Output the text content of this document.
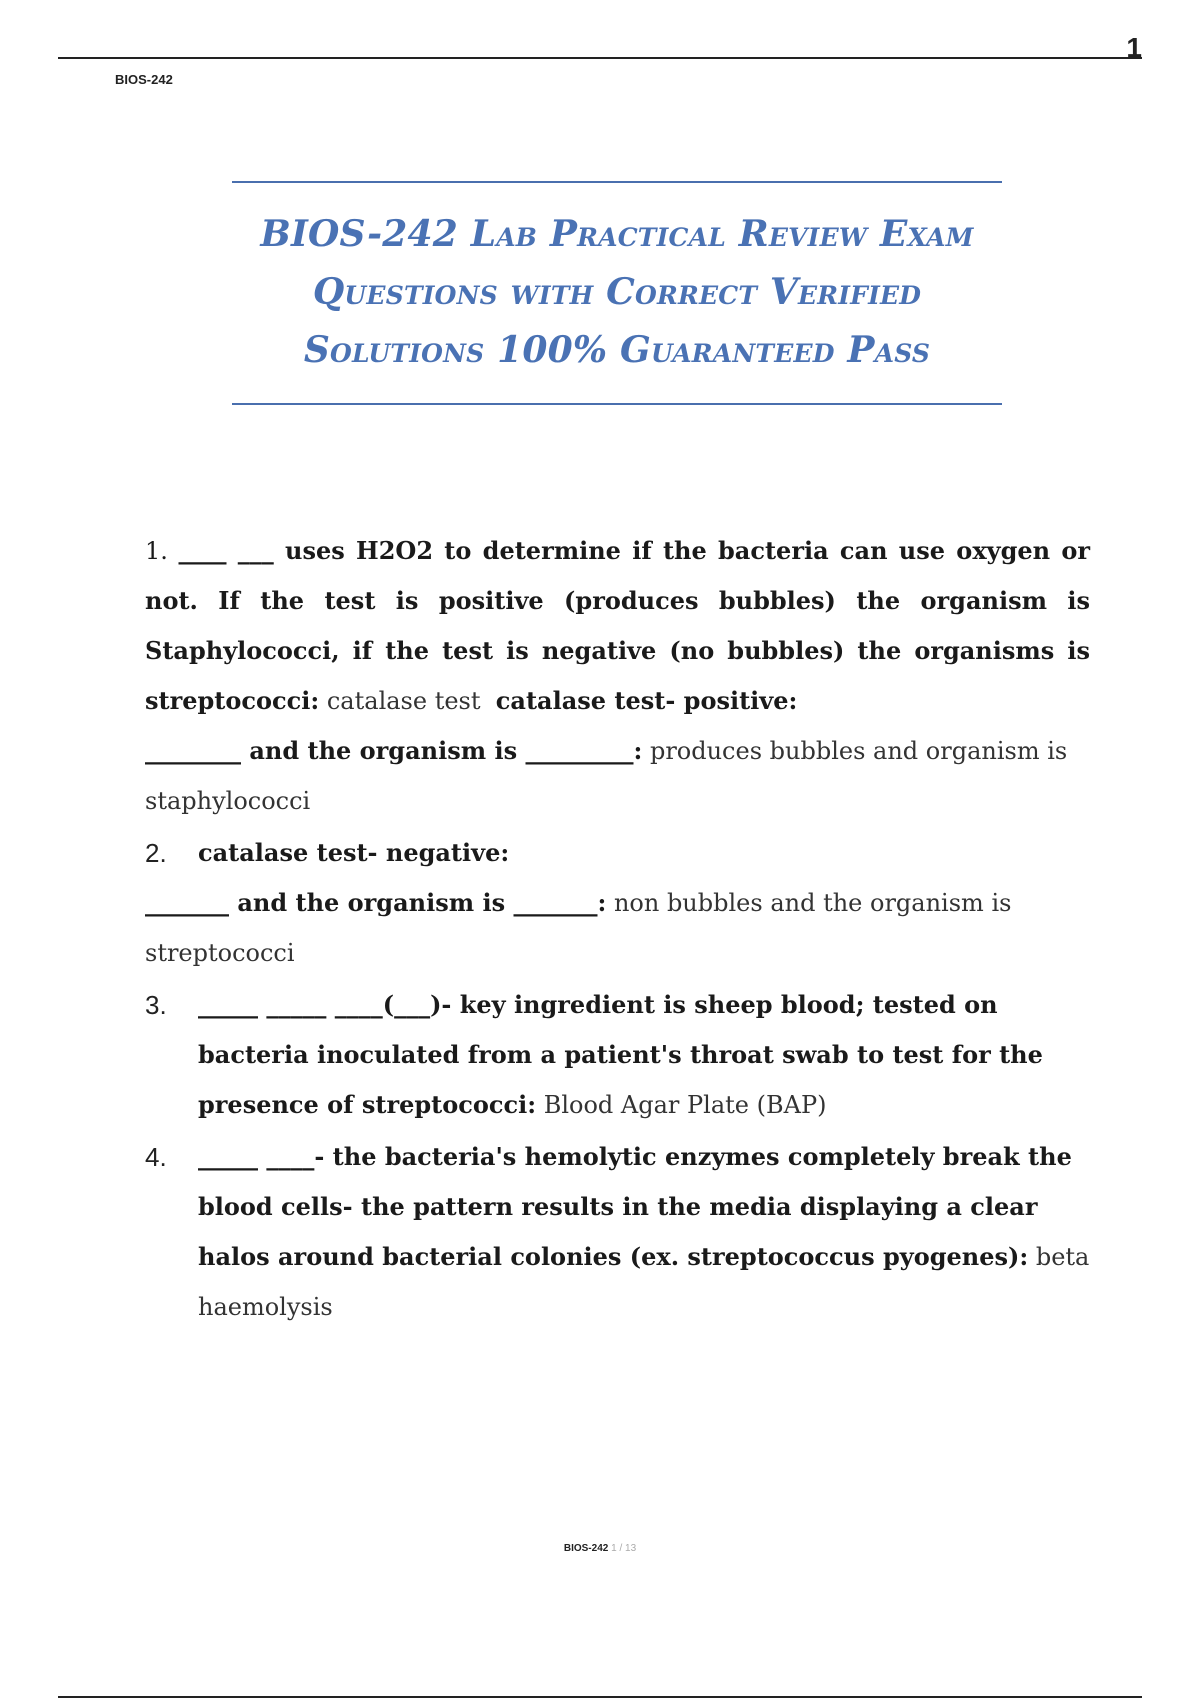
1
BIOS-242
BIOS-242 Lab Practical Review Exam
Questions with Correct Verified
Solutions 100% Guaranteed Pass

1. ____ ___ uses H2O2 to determine if the bacteria can use oxygen or not. If the test is positive (produces bubbles) the organism is Staphylococci, if the test is negative (no bubbles) the organisms is streptococci: catalase test catalase test- positive:

________ and the organism is _________: produces bubbles and organism is staphylococci

2. catalase test- negative:

_______ and the organism is _______: non bubbles and the organism is streptococci

3. _____ _____ ____(___)- key ingredient is sheep blood; tested on bacteria inoculated from a patient's throat swab to test for the presence of streptococci: Blood Agar Plate (BAP)
4. _____ ____- the bacteria's hemolytic enzymes completely break the blood cells- the pattern results in the media displaying a clear halos around bacterial colonies (ex. streptococcus pyogenes): beta haemolysis
BIOS-242 1 / 13
